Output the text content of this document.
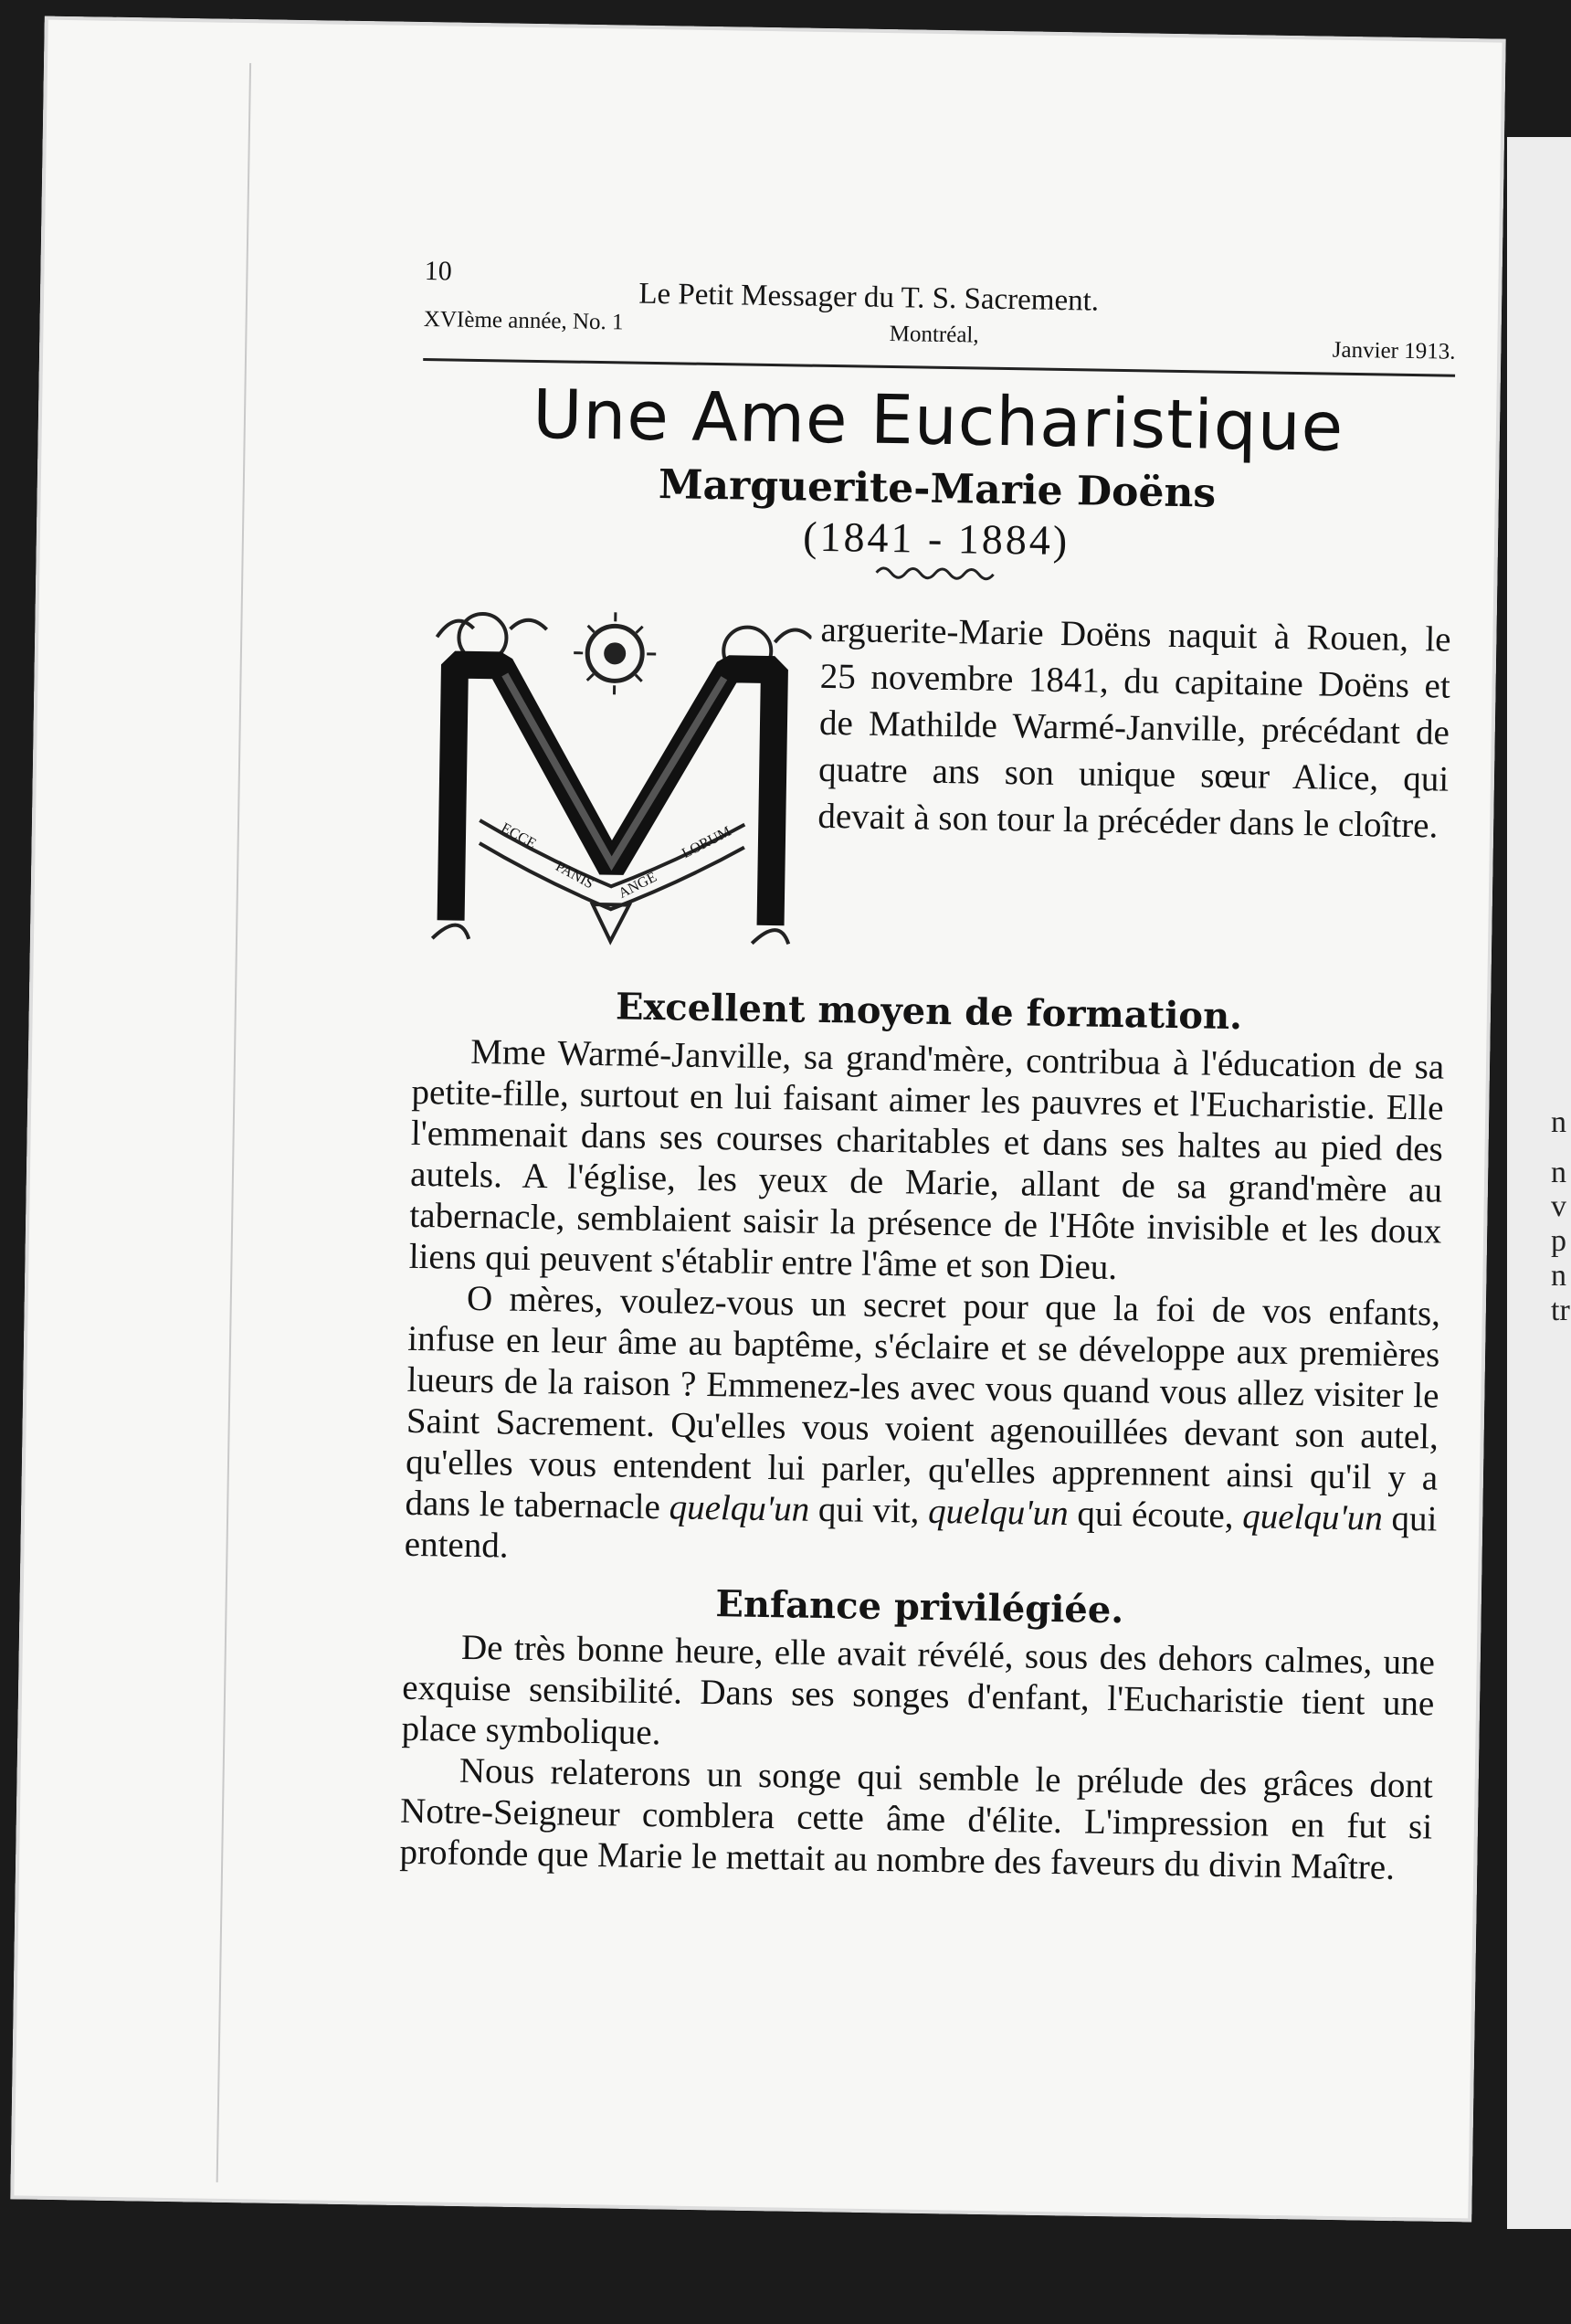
n
n
v
p
n
tr
10
Le Petit Messager du T. S. Sacrement.
XVIème année, No. 1	Montréal,
Janvier 1913.
Une Ame Eucharistique
Marguerite-Marie Doëns
(1841 - 1884)
ECCE
PANIS ANGE
LORUM
arguerite-Marie Doëns naquit à Rouen, le 25 novembre 1841, du capitaine Doëns et de Mathilde Warmé-Janville, précédant de quatre ans son unique sœur Alice, qui devait à son tour la précéder dans le cloître.
Excellent moyen de formation.

Mme Warmé-Janville, sa grand'mère, contribua à l'éducation de sa petite-fille, surtout en lui faisant aimer les pauvres et l'Eucharistie. Elle l'emmenait dans ses courses charitables et dans ses haltes au pied des autels. A l'église, les yeux de Marie, allant de sa grand'mère au tabernacle, semblaient saisir la présence de l'Hôte invisible et les doux liens qui peuvent s'établir entre l'âme et son Dieu.

O mères, voulez-vous un secret pour que la foi de vos enfants, infuse en leur âme au baptême, s'éclaire et se développe aux premières lueurs de la raison ? Emmenez-les avec vous quand vous allez visiter le Saint Sacrement. Qu'elles vous voient agenouillées devant son autel, qu'elles vous entendent lui parler, qu'elles apprennent ainsi qu'il y a dans le tabernacle quelqu'un qui vit, quelqu'un qui écoute, quelqu'un qui entend.

Enfance privilégiée.

De très bonne heure, elle avait révélé, sous des dehors calmes, une exquise sensibilité. Dans ses songes d'enfant, l'Eucharistie tient une place symbolique.

Nous relaterons un songe qui semble le prélude des grâces dont Notre-Seigneur comblera cette âme d'élite. L'impression en fut si profonde que Marie le mettait au nombre des faveurs du divin Maître.
